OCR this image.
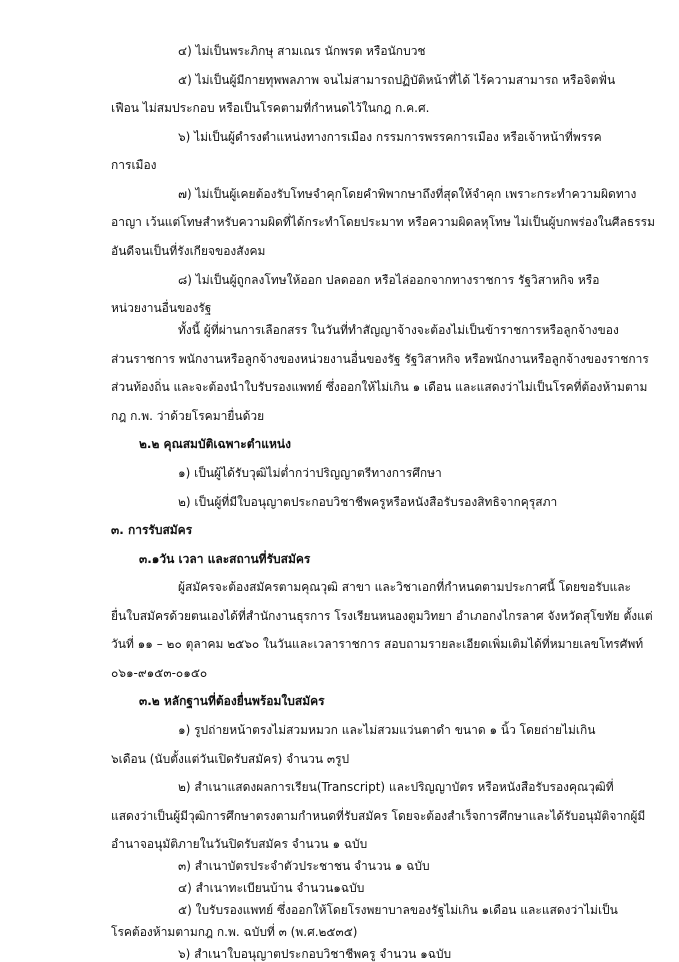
๔) ไม่เป็นพระภิกษุ สามเณร นักพรต หรือนักบวช
๕) ไม่เป็นผู้มีกายทุพพลภาพ จนไม่สามารถปฏิบัติหน้าที่ได้ ไร้ความสามารถ หรือจิตฟั่น
เฟือน ไม่สมประกอบ หรือเป็นโรคตามที่กำหนดไว้ในกฎ ก.ค.ศ.
๖) ไม่เป็นผู้ดำรงตำแหน่งทางการเมือง กรรมการพรรคการเมือง หรือเจ้าหน้าที่พรรค
การเมือง
๗) ไม่เป็นผู้เคยต้องรับโทษจำคุกโดยคำพิพากษาถึงที่สุดให้จำคุก เพราะกระทำความผิดทาง
อาญา เว้นแต่โทษสำหรับความผิดที่ได้กระทำโดยประมาท หรือความผิดลหุโทษ ไม่เป็นผู้บกพร่องในศีลธรรม
อันดีจนเป็นที่รังเกียจของสังคม
๘) ไม่เป็นผู้ถูกลงโทษให้ออก ปลดออก หรือไล่ออกจากทางราชการ รัฐวิสาหกิจ หรือ
หน่วยงานอื่นของรัฐ
ทั้งนี้ ผู้ที่ผ่านการเลือกสรร ในวันที่ทำสัญญาจ้างจะต้องไม่เป็นข้าราชการหรือลูกจ้างของ
ส่วนราชการ พนักงานหรือลูกจ้างของหน่วยงานอื่นของรัฐ รัฐวิสาหกิจ หรือพนักงานหรือลูกจ้างของราชการ
ส่วนท้องถิ่น และจะต้องนำใบรับรองแพทย์ ซึ่งออกให้ไม่เกิน ๑ เดือน และแสดงว่าไม่เป็นโรคที่ต้องห้ามตาม
กฎ ก.พ. ว่าด้วยโรคมายื่นด้วย
๒.๒ คุณสมบัติเฉพาะตำแหน่ง
๑) เป็นผู้ได้รับวุฒิไม่ต่ำกว่าปริญญาตรีทางการศึกษา
๒) เป็นผู้ที่มีใบอนุญาตประกอบวิชาชีพครูหรือหนังสือรับรองสิทธิจากคุรุสภา
๓. การรับสมัคร
๓.๑วัน เวลา และสถานที่รับสมัคร
ผู้สมัครจะต้องสมัครตามคุณวุฒิ สาขา และวิชาเอกที่กำหนดตามประกาศนี้ โดยขอรับและ
ยื่นใบสมัครด้วยตนเองได้ที่สำนักงานธุรการ โรงเรียนหนองตูมวิทยา อำเภอกงไกรลาศ จังหวัดสุโขทัย ตั้งแต่
วันที่ ๑๑ – ๒๐ ตุลาคม ๒๕๖๐ ในวันและเวลาราชการ สอบถามรายละเอียดเพิ่มเติมได้ที่หมายเลขโทรศัพท์
๐๖๑-๙๑๕๓-๐๑๕๐
๓.๒ หลักฐานที่ต้องยื่นพร้อมใบสมัคร
๑) รูปถ่ายหน้าตรงไม่สวมหมวก และไม่สวมแว่นตาดำ ขนาด ๑ นิ้ว โดยถ่ายไม่เกิน
๖เดือน (นับตั้งแต่วันเปิดรับสมัคร) จำนวน ๓รูป
๒) สำเนาแสดงผลการเรียน(Transcript) และปริญญาบัตร หรือหนังสือรับรองคุณวุฒิที่
แสดงว่าเป็นผู้มีวุฒิการศึกษาตรงตามกำหนดที่รับสมัคร โดยจะต้องสำเร็จการศึกษาและได้รับอนุมัติจากผู้มี
อำนาจอนุมัติภายในวันปิดรับสมัคร จำนวน ๑ ฉบับ
๓) สำเนาบัตรประจำตัวประชาชน จำนวน ๑ ฉบับ
๔) สำเนาทะเบียนบ้าน จำนวน๑ฉบับ
๕) ใบรับรองแพทย์ ซึ่งออกให้โดยโรงพยาบาลของรัฐไม่เกิน ๑เดือน และแสดงว่าไม่เป็น
โรคต้องห้ามตามกฎ ก.พ. ฉบับที่ ๓ (พ.ศ.๒๕๓๕)
๖) สำเนาใบอนุญาตประกอบวิชาชีพครู จำนวน ๑ฉบับ
